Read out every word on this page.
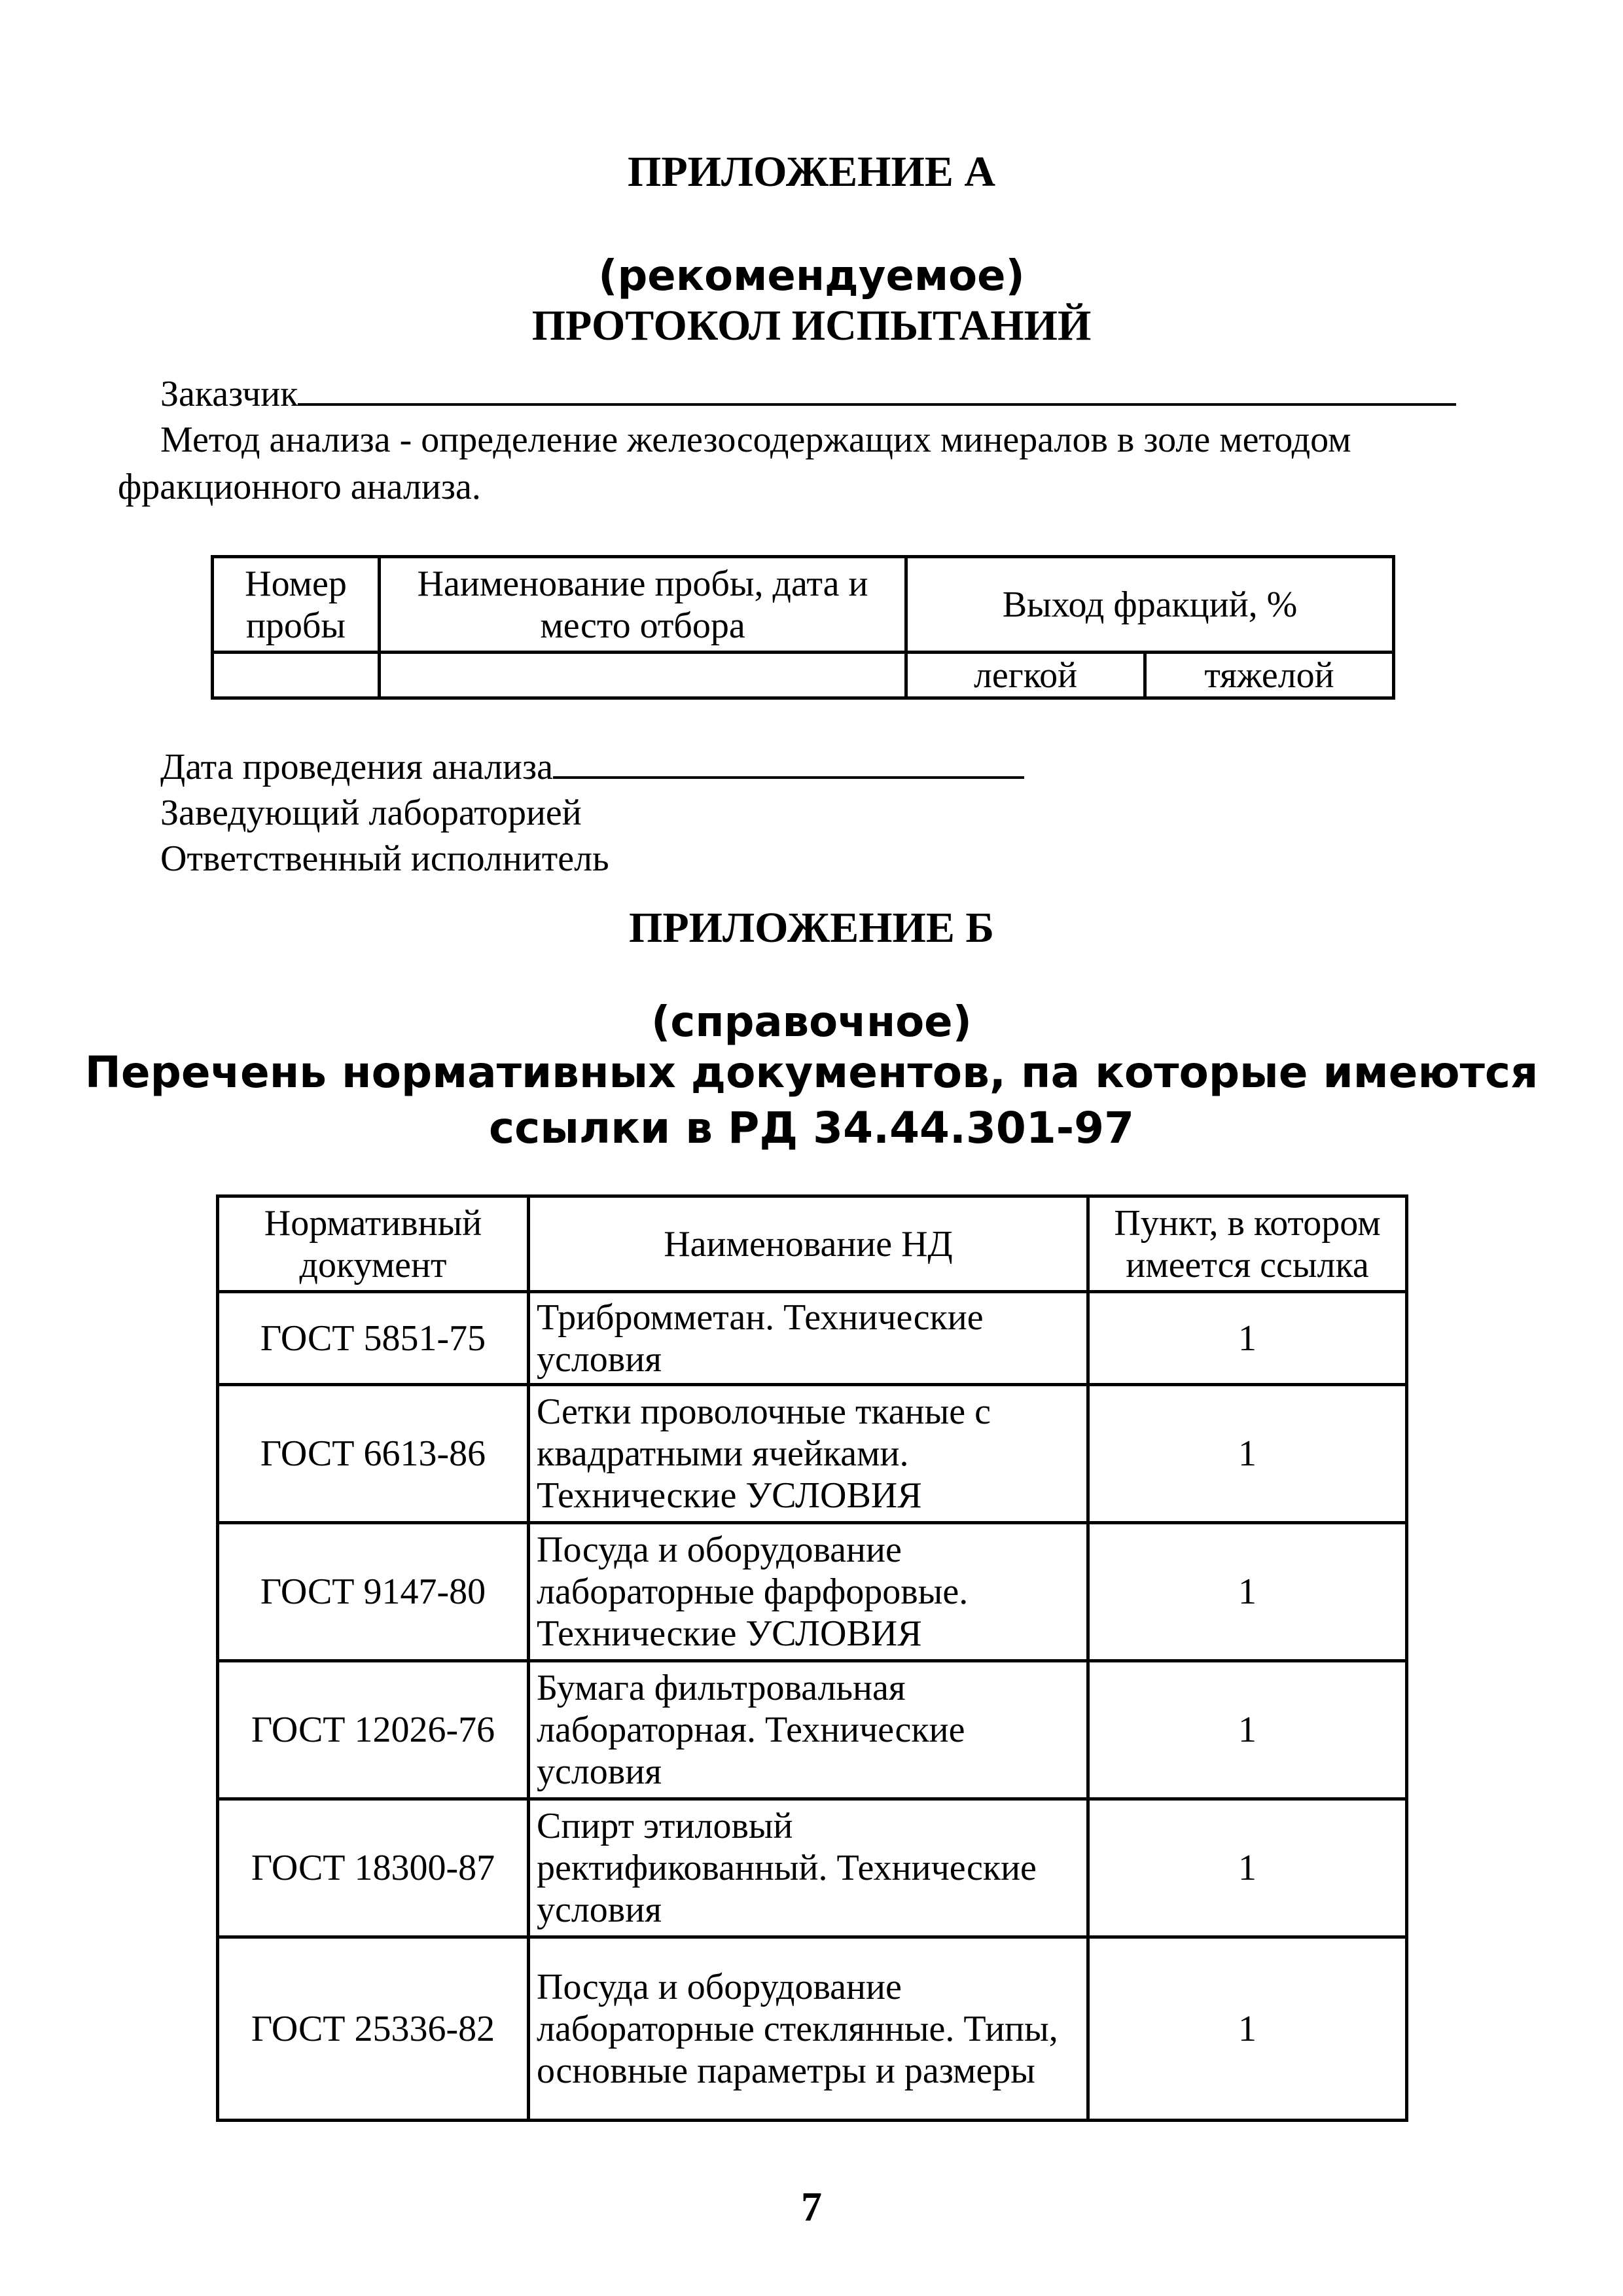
ПРИЛОЖЕНИЕ А
(рекомендуемое)
ПРОТОКОЛ ИСПЫТАНИЙ
Заказчик
Метод анализа - определение железосодержащих минералов в золе методом
фракционного анализа.
Номер пробы	Наименование пробы, дата и место отбора	Выход фракций, %	
		легкой	тяжелой
Дата проведения анализа
Заведующий лабораторией
Ответственный исполнитель
ПРИЛОЖЕНИЕ Б
(справочное)
Перечень нормативных документов, па которые имеются
ссылки в РД 34.44.301-97
Нормативный документ	Наименование НД	Пункт, в котором имеется ссылка
ГОСТ 5851-75	Трибромметан. Технические условия	1
ГОСТ 6613-86	Сетки проволочные тканые с квадратными ячейками. Технические УСЛОВИЯ	1
ГОСТ 9147-80	Посуда и оборудование лабораторные фарфоровые. Технические УСЛОВИЯ	1
ГОСТ 12026-76	Бумага фильтровальная лабораторная. Технические условия	1
ГОСТ 18300-87	Спирт этиловый ректификованный. Технические условия	1
ГОСТ 25336-82	Посуда и оборудование лабораторные стеклянные. Типы, основные параметры и размеры	1
7
